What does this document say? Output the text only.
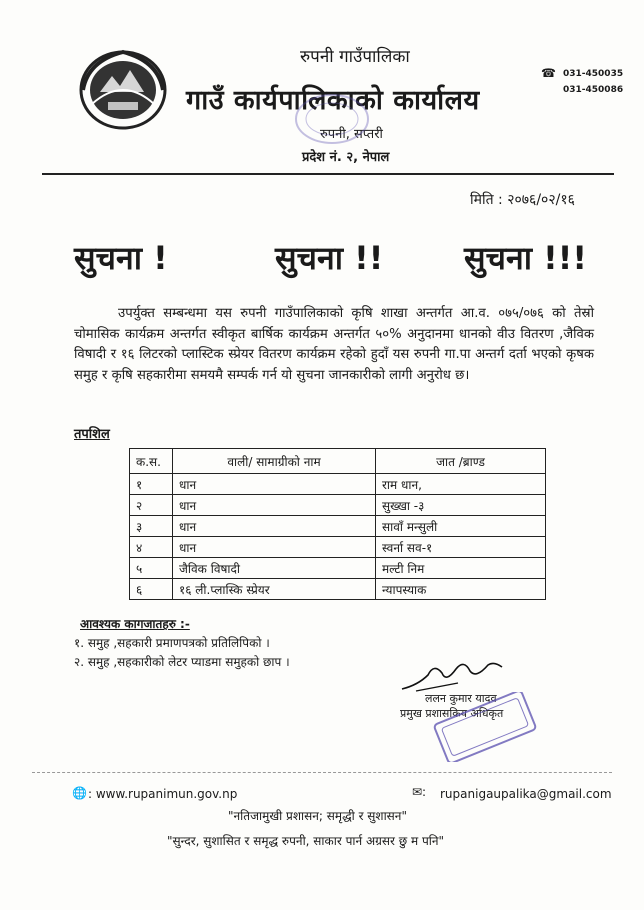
रुपनी गाउँपालिका
गाउँ कार्यपालिकाको कार्यालय
रुपनी, सप्तरी
प्रदेश नं. २, नेपाल
☎ 031-450035
031-450086
मिति : २०७६/०२/१६
सुचना !	सुचना !!	सुचना !!!
उपर्युक्त सम्बन्धमा यस रुपनी गाउँपालिकाको कृषि शाखा अन्तर्गत आ.व. ०७५/०७६ को तेस्रो चोमासिक कार्यक्रम अन्तर्गत स्वीकृत बार्षिक कार्यक्रम अन्तर्गत ५०% अनुदानमा धानको वीउ वितरण ,जैविक विषादी र १६ लिटरको प्लास्टिक स्प्रेयर वितरण कार्यक्रम रहेको हुदाँ यस रुपनी गा.पा अन्तर्ग दर्ता भएको कृषक समुह र कृषि सहकारीमा समयमै सम्पर्क गर्न यो सुचना जानकारीको लागी अनुरोध छ।
तपशिल
क.स.	वाली/ सामाग्रीको नाम	जात /ब्राण्ड
१	धान	राम धान,
२	धान	सुख्खा -३
३	धान	सावाँ मन्सुली
४	धान	स्वर्ना सव-१
५	जैविक विषादी	मल्टी निम
६	१६ ली.प्लास्कि स्प्रेयर	न्यापस्याक
आवश्यक कागजातहरु :-
१. समुह ,सहकारी प्रमाणपत्रको प्रतिलिपिको ।
२. समुह ,सहकारीको लेटर प्याडमा समुहको छाप ।
ललन कुमार यादव
प्रमुख प्रशासकिय अधिकृत
🌐 : www.rupanimun.gov.np	✉: rupanigaupalika@gmail.com
"नतिजामुखी प्रशासन; समृद्धी र सुशासन"
"सुन्दर, सुशासित र समृद्ध रुपनी, साकार पार्न अग्रसर छु म पनि"
